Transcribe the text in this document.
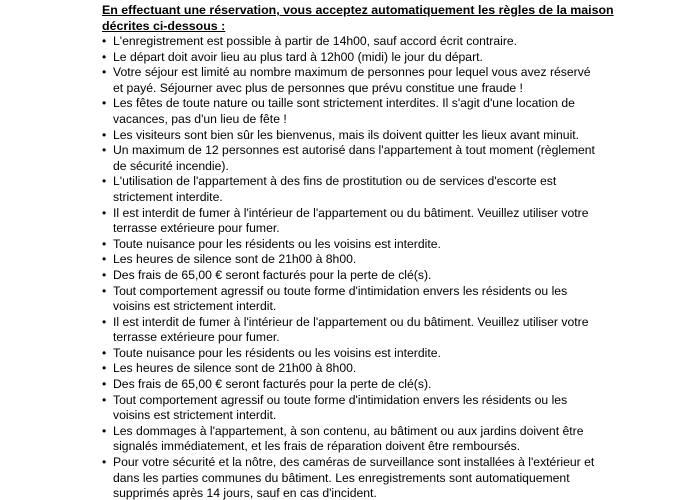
En effectuant une réservation, vous acceptez automatiquement les règles de la maison décrites ci-dessous :

• L'enregistrement est possible à partir de 14h00, sauf accord écrit contraire.
• Le départ doit avoir lieu au plus tard à 12h00 (midi) le jour du départ.
• Votre séjour est limité au nombre maximum de personnes pour lequel vous avez réservé et payé. Séjourner avec plus de personnes que prévu constitue une fraude !
• Les fêtes de toute nature ou taille sont strictement interdites. Il s'agit d'une location de vacances, pas d'un lieu de fête !
• Les visiteurs sont bien sûr les bienvenus, mais ils doivent quitter les lieux avant minuit.
• Un maximum de 12 personnes est autorisé dans l'appartement à tout moment (règlement de sécurité incendie).
• L'utilisation de l'appartement à des fins de prostitution ou de services d'escorte est strictement interdite.
• Il est interdit de fumer à l'intérieur de l'appartement ou du bâtiment. Veuillez utiliser votre terrasse extérieure pour fumer.
• Toute nuisance pour les résidents ou les voisins est interdite.
• Les heures de silence sont de 21h00 à 8h00.
• Des frais de 65,00 € seront facturés pour la perte de clé(s).
• Tout comportement agressif ou toute forme d'intimidation envers les résidents ou les voisins est strictement interdit.
• Il est interdit de fumer à l'intérieur de l'appartement ou du bâtiment. Veuillez utiliser votre terrasse extérieure pour fumer.
• Toute nuisance pour les résidents ou les voisins est interdite.
• Les heures de silence sont de 21h00 à 8h00.
• Des frais de 65,00 € seront facturés pour la perte de clé(s).
• Tout comportement agressif ou toute forme d'intimidation envers les résidents ou les voisins est strictement interdit.
• Les dommages à l'appartement, à son contenu, au bâtiment ou aux jardins doivent être signalés immédiatement, et les frais de réparation doivent être remboursés.
• Pour votre sécurité et la nôtre, des caméras de surveillance sont installées à l'extérieur et dans les parties communes du bâtiment. Les enregistrements sont automatiquement supprimés après 14 jours, sauf en cas d'incident.
